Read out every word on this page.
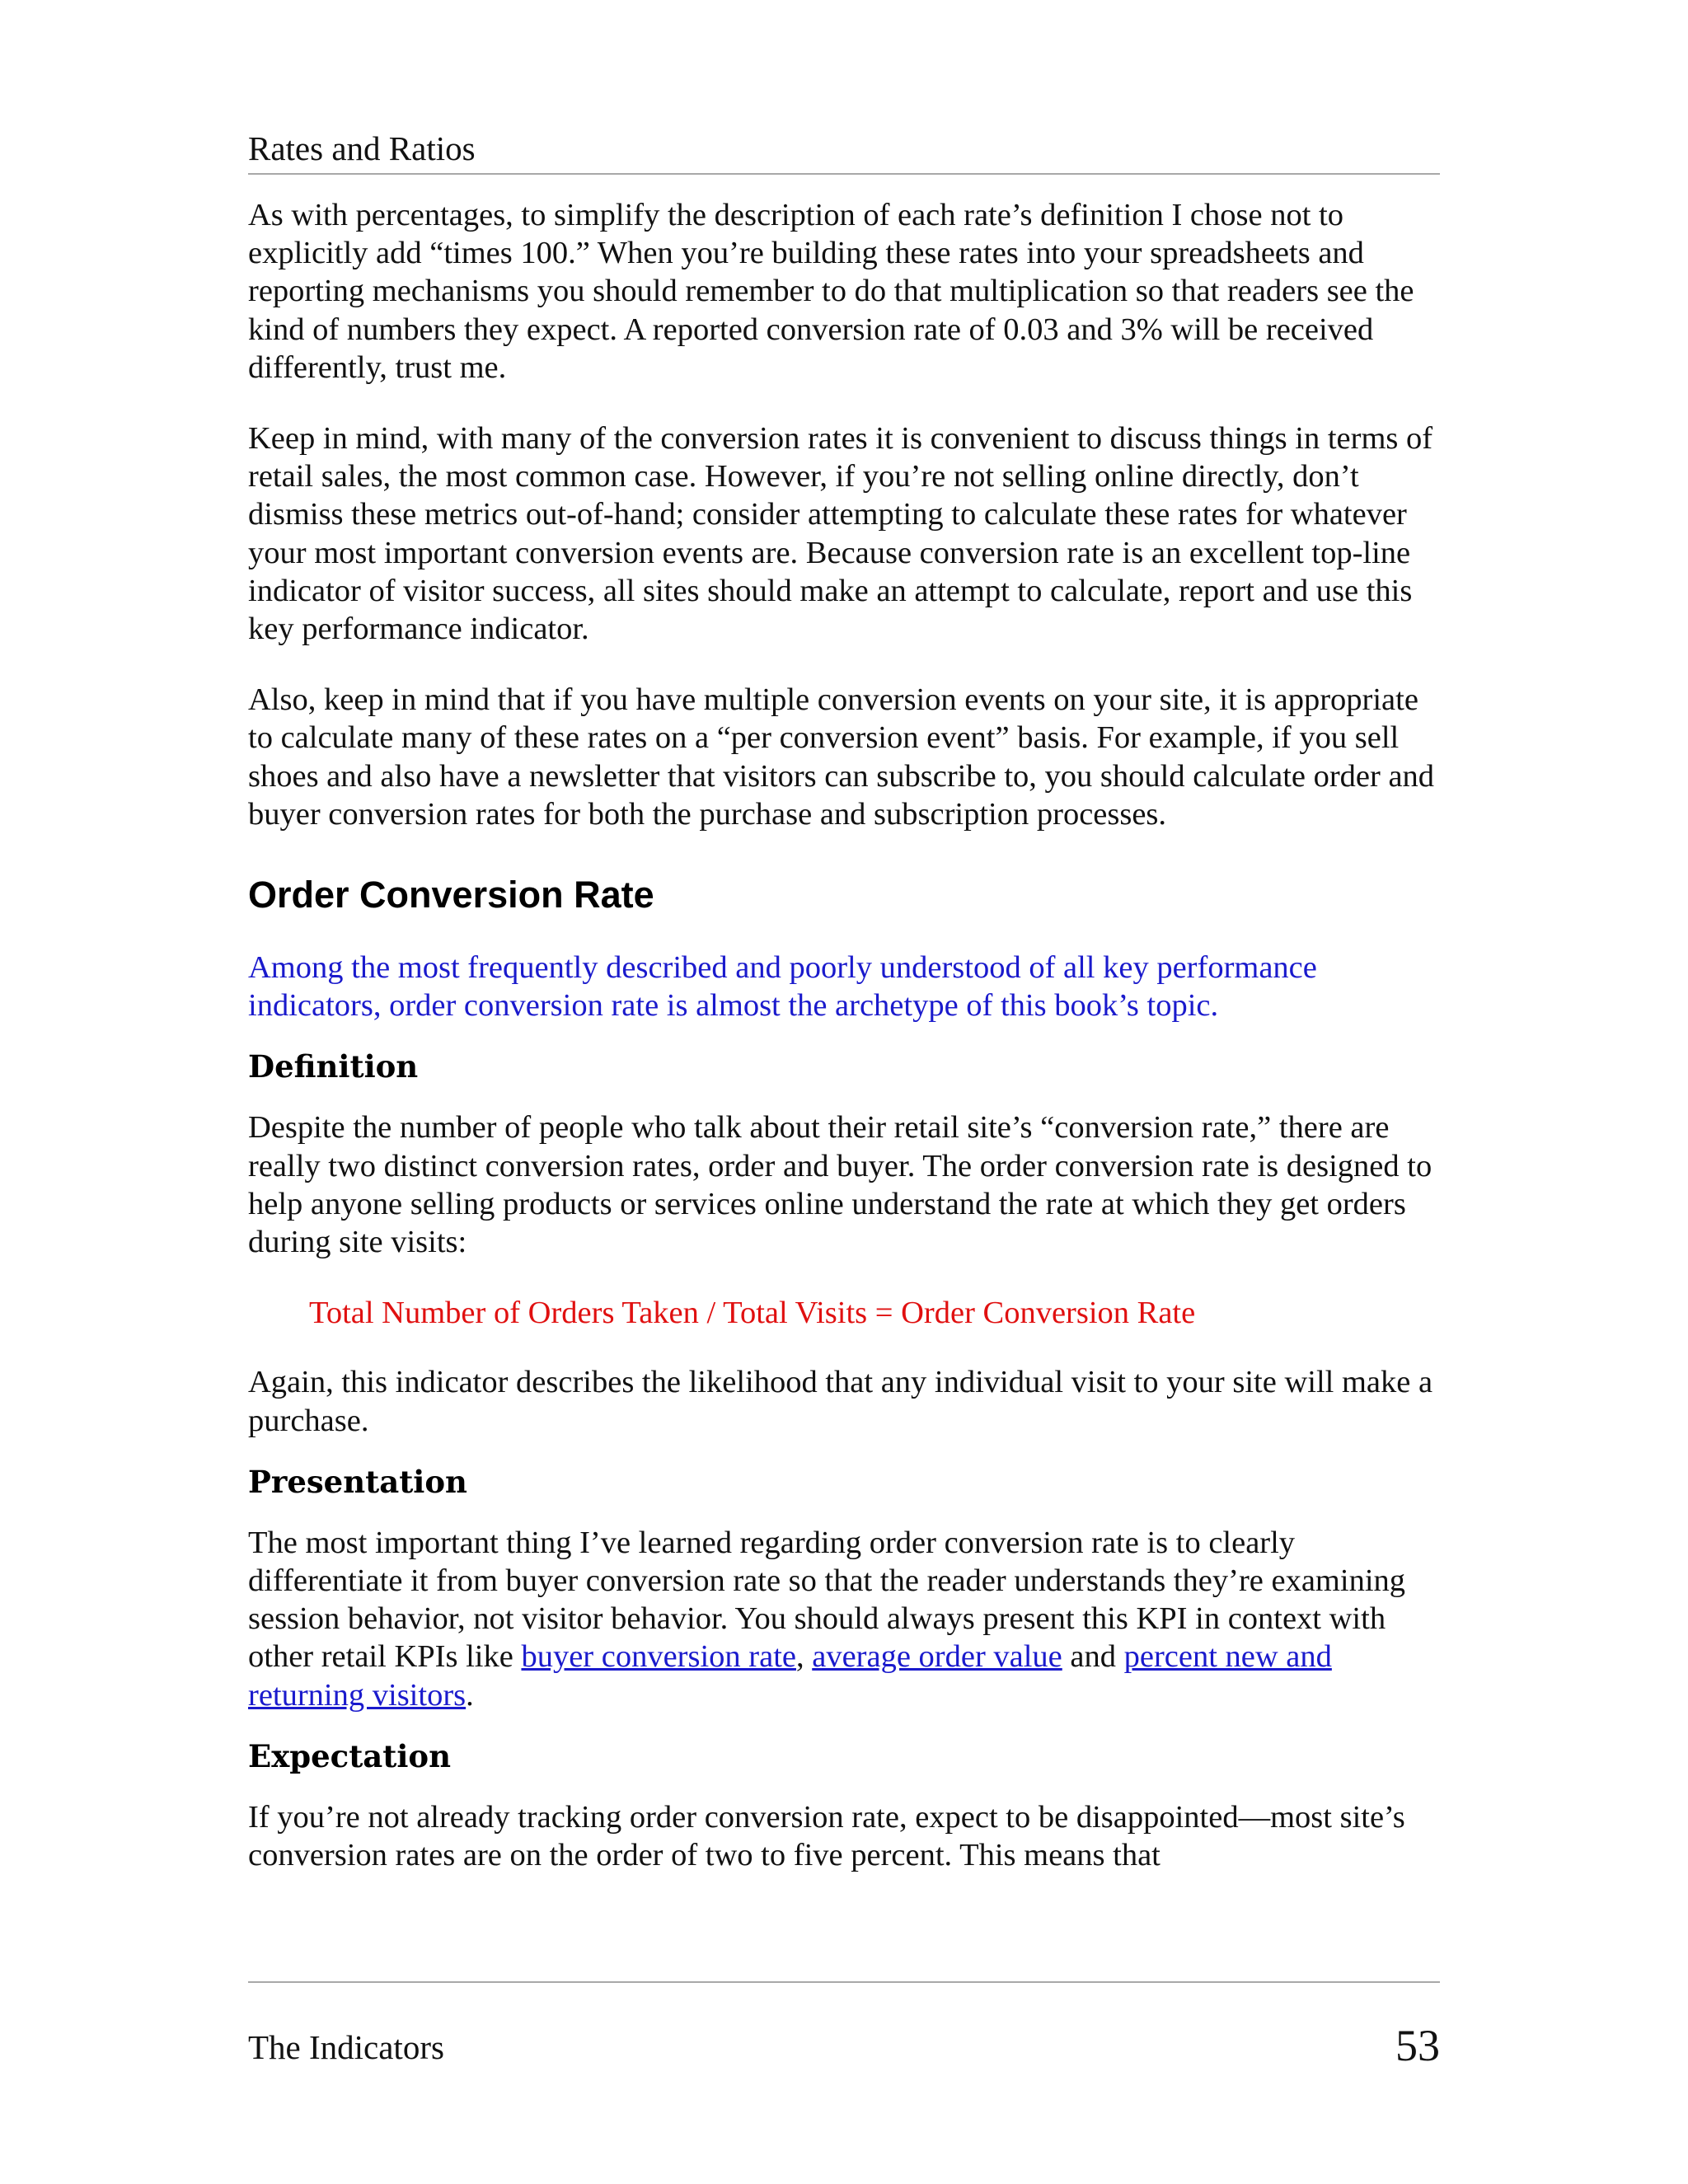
Rates and Ratios

As with percentages, to simplify the description of each rate’s definition I chose not to explicitly add “times 100.” When you’re building these rates into your spreadsheets and reporting mechanisms you should remember to do that multiplication so that readers see the kind of numbers they expect. A reported conversion rate of 0.03 and 3% will be received differently, trust me.

Keep in mind, with many of the conversion rates it is convenient to discuss things in terms of retail sales, the most common case. However, if you’re not selling online directly, don’t dismiss these metrics out-of-hand; consider attempting to calculate these rates for whatever your most important conversion events are. Because conversion rate is an excellent top-line indicator of visitor success, all sites should make an attempt to calculate, report and use this key performance indicator.

Also, keep in mind that if you have multiple conversion events on your site, it is appropriate to calculate many of these rates on a “per conversion event” basis. For example, if you sell shoes and also have a newsletter that visitors can subscribe to, you should calculate order and buyer conversion rates for both the purchase and subscription processes.

Order Conversion Rate

Among the most frequently described and poorly understood of all key performance indicators, order conversion rate is almost the archetype of this book’s topic.

Definition

Despite the number of people who talk about their retail site’s “conversion rate,” there are really two distinct conversion rates, order and buyer. The order conversion rate is designed to help anyone selling products or services online understand the rate at which they get orders during site visits:

Total Number of Orders Taken / Total Visits = Order Conversion Rate

Again, this indicator describes the likelihood that any individual visit to your site will make a purchase.

Presentation

The most important thing I’ve learned regarding order conversion rate is to clearly differentiate it from buyer conversion rate so that the reader understands they’re examining session behavior, not visitor behavior. You should always present this KPI in context with other retail KPIs like buyer conversion rate, average order value and percent new and returning visitors.

Expectation

If you’re not already tracking order conversion rate, expect to be disappointed—most site’s conversion rates are on the order of two to five percent. This means that

The Indicators	53
